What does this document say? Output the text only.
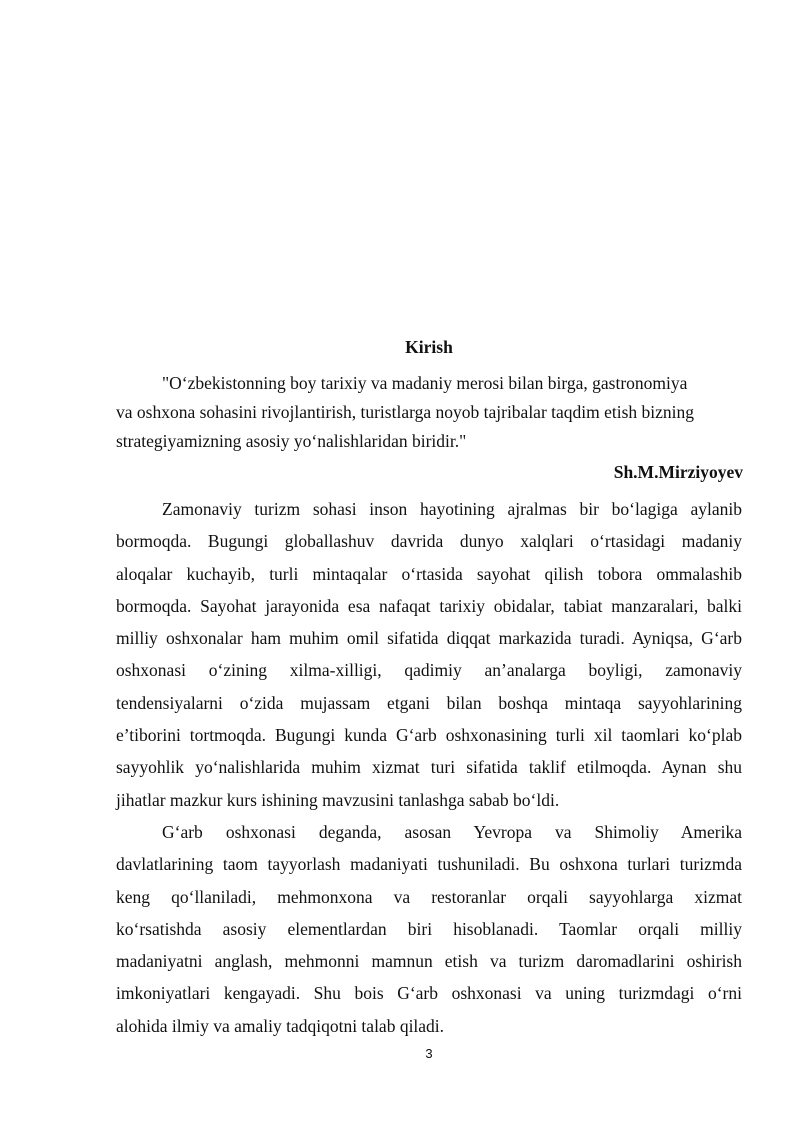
Kirish
"O‘zbekistonning boy tarixiy va madaniy merosi bilan birga, gastronomiya
va oshxona sohasini rivojlantirish, turistlarga noyob tajribalar taqdim etish bizning
strategiyamizning asosiy yo‘nalishlaridan biridir."
Sh.M.Mirziyoyev
Zamonaviy turizm sohasi inson hayotining ajralmas bir bo‘lagiga aylanib
bormoqda. Bugungi globallashuv davrida dunyo xalqlari o‘rtasidagi madaniy
aloqalar kuchayib, turli mintaqalar o‘rtasida sayohat qilish tobora ommalashib
bormoqda. Sayohat jarayonida esa nafaqat tarixiy obidalar, tabiat manzaralari, balki
milliy oshxonalar ham muhim omil sifatida diqqat markazida turadi. Ayniqsa, G‘arb
oshxonasi o‘zining xilma-xilligi, qadimiy an’analarga boyligi, zamonaviy
tendensiyalarni o‘zida mujassam etgani bilan boshqa mintaqa sayyohlarining
e’tiborini tortmoqda. Bugungi kunda G‘arb oshxonasining turli xil taomlari ko‘plab
sayyohlik yo‘nalishlarida muhim xizmat turi sifatida taklif etilmoqda. Aynan shu
jihatlar mazkur kurs ishining mavzusini tanlashga sabab bo‘ldi.
G‘arb oshxonasi deganda, asosan Yevropa va Shimoliy Amerika
davlatlarining taom tayyorlash madaniyati tushuniladi. Bu oshxona turlari turizmda
keng qo‘llaniladi, mehmonxona va restoranlar orqali sayyohlarga xizmat
ko‘rsatishda asosiy elementlardan biri hisoblanadi. Taomlar orqali milliy
madaniyatni anglash, mehmonni mamnun etish va turizm daromadlarini oshirish
imkoniyatlari kengayadi. Shu bois G‘arb oshxonasi va uning turizmdagi o‘rni
alohida ilmiy va amaliy tadqiqotni talab qiladi.
3
